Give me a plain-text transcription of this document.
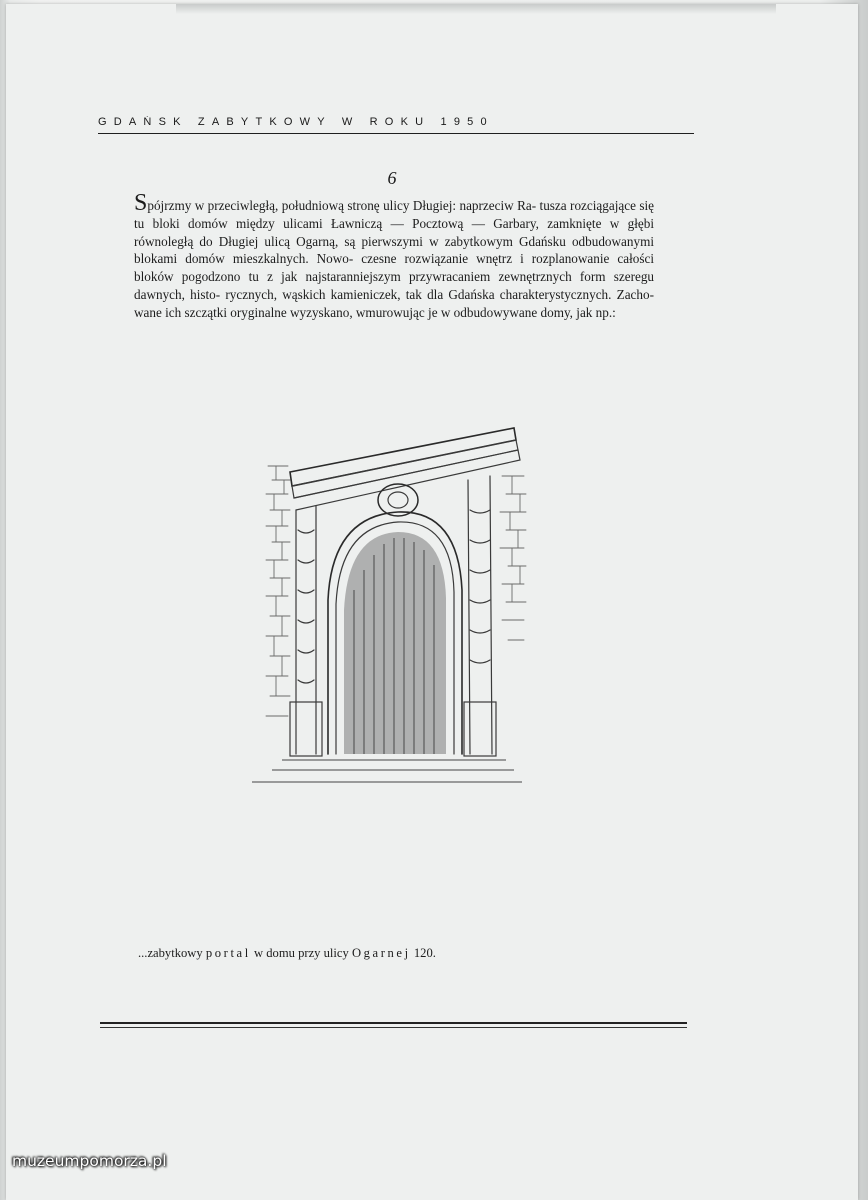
GDAŃSK ZABYTKOWY W ROKU 1950
6
Spójrzmy w przeciwległą, południową stronę ulicy Długiej: naprzeciw Ra- tusza rozciągające się tu bloki domów między ulicami Ławniczą — Pocztową — Garbary, zamknięte w głębi równoległą do Długiej ulicą Ogarną, są pierwszymi w zabytkowym Gdańsku odbudowanymi blokami domów mieszkalnych. Nowo- czesne rozwiązanie wnętrz i rozplanowanie całości bloków pogodzono tu z jak najstaranniejszym przywracaniem zewnętrznych form szeregu dawnych, histo- rycznych, wąskich kamieniczek, tak dla Gdańska charakterystycznych. Zacho- wane ich szczątki oryginalne wyzyskano, wmurowując je w odbudowywane domy, jak np.:
...zabytkowy portal w domu przy ulicy Ogarnej 120.
muzeumpomorza.pl
